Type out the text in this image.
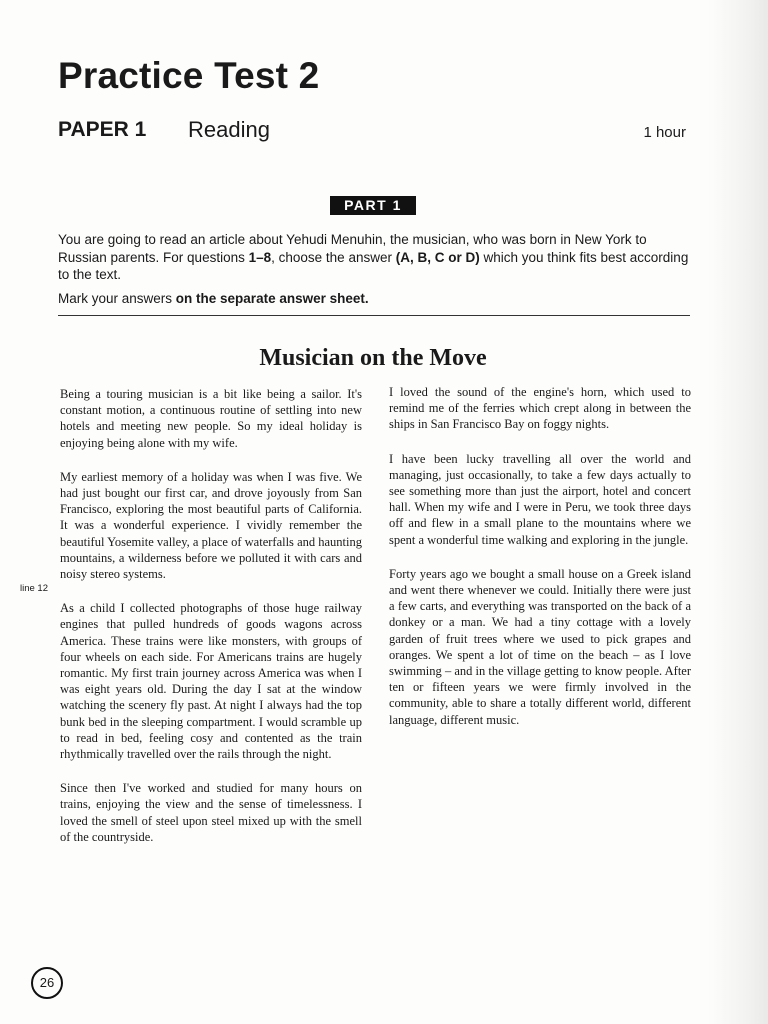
Practice Test 2
PAPER 1 Reading	1 hour
PART 1

You are going to read an article about Yehudi Menuhin, the musician, who was born in New York to Russian parents. For questions 1–8, choose the answer (A, B, C or D) which you think fits best according to the text.

Mark your answers on the separate answer sheet.

Musician on the Move

Being a touring musician is a bit like being a sailor. It's constant motion, a continuous routine of settling into new hotels and meeting new people. So my ideal holiday is enjoying being alone with my wife.

My earliest memory of a holiday was when I was five. We had just bought our first car, and drove joyously from San Francisco, exploring the most beautiful parts of California. It was a wonderful experience. I vividly remember the beautiful Yosemite valley, a place of waterfalls and haunting mountains, a wilderness before we polluted it with cars and noisy stereo systems.

As a child I collected photographs of those huge railway engines that pulled hundreds of goods wagons across America. These trains were like monsters, with groups of four wheels on each side. For Americans trains are hugely romantic. My first train journey across America was when I was eight years old. During the day I sat at the window watching the scenery fly past. At night I always had the top bunk bed in the sleeping compartment. I would scramble up to read in bed, feeling cosy and contented as the train rhythmically travelled over the rails through the night.

Since then I've worked and studied for many hours on trains, enjoying the view and the sense of timelessness. I loved the smell of steel upon steel mixed up with the smell of the countryside.

line 12

I loved the sound of the engine's horn, which used to remind me of the ferries which crept along in between the ships in San Francisco Bay on foggy nights.

I have been lucky travelling all over the world and managing, just occasionally, to take a few days actually to see something more than just the airport, hotel and concert hall. When my wife and I were in Peru, we took three days off and flew in a small plane to the mountains where we spent a wonderful time walking and exploring in the jungle.

Forty years ago we bought a small house on a Greek island and went there whenever we could. Initially there were just a few carts, and everything was transported on the back of a donkey or a man. We had a tiny cottage with a lovely garden of fruit trees where we used to pick grapes and oranges. We spent a lot of time on the beach – as I love swimming – and in the village getting to know people. After ten or fifteen years we were firmly involved in the community, able to share a totally different world, different language, different music.

26
